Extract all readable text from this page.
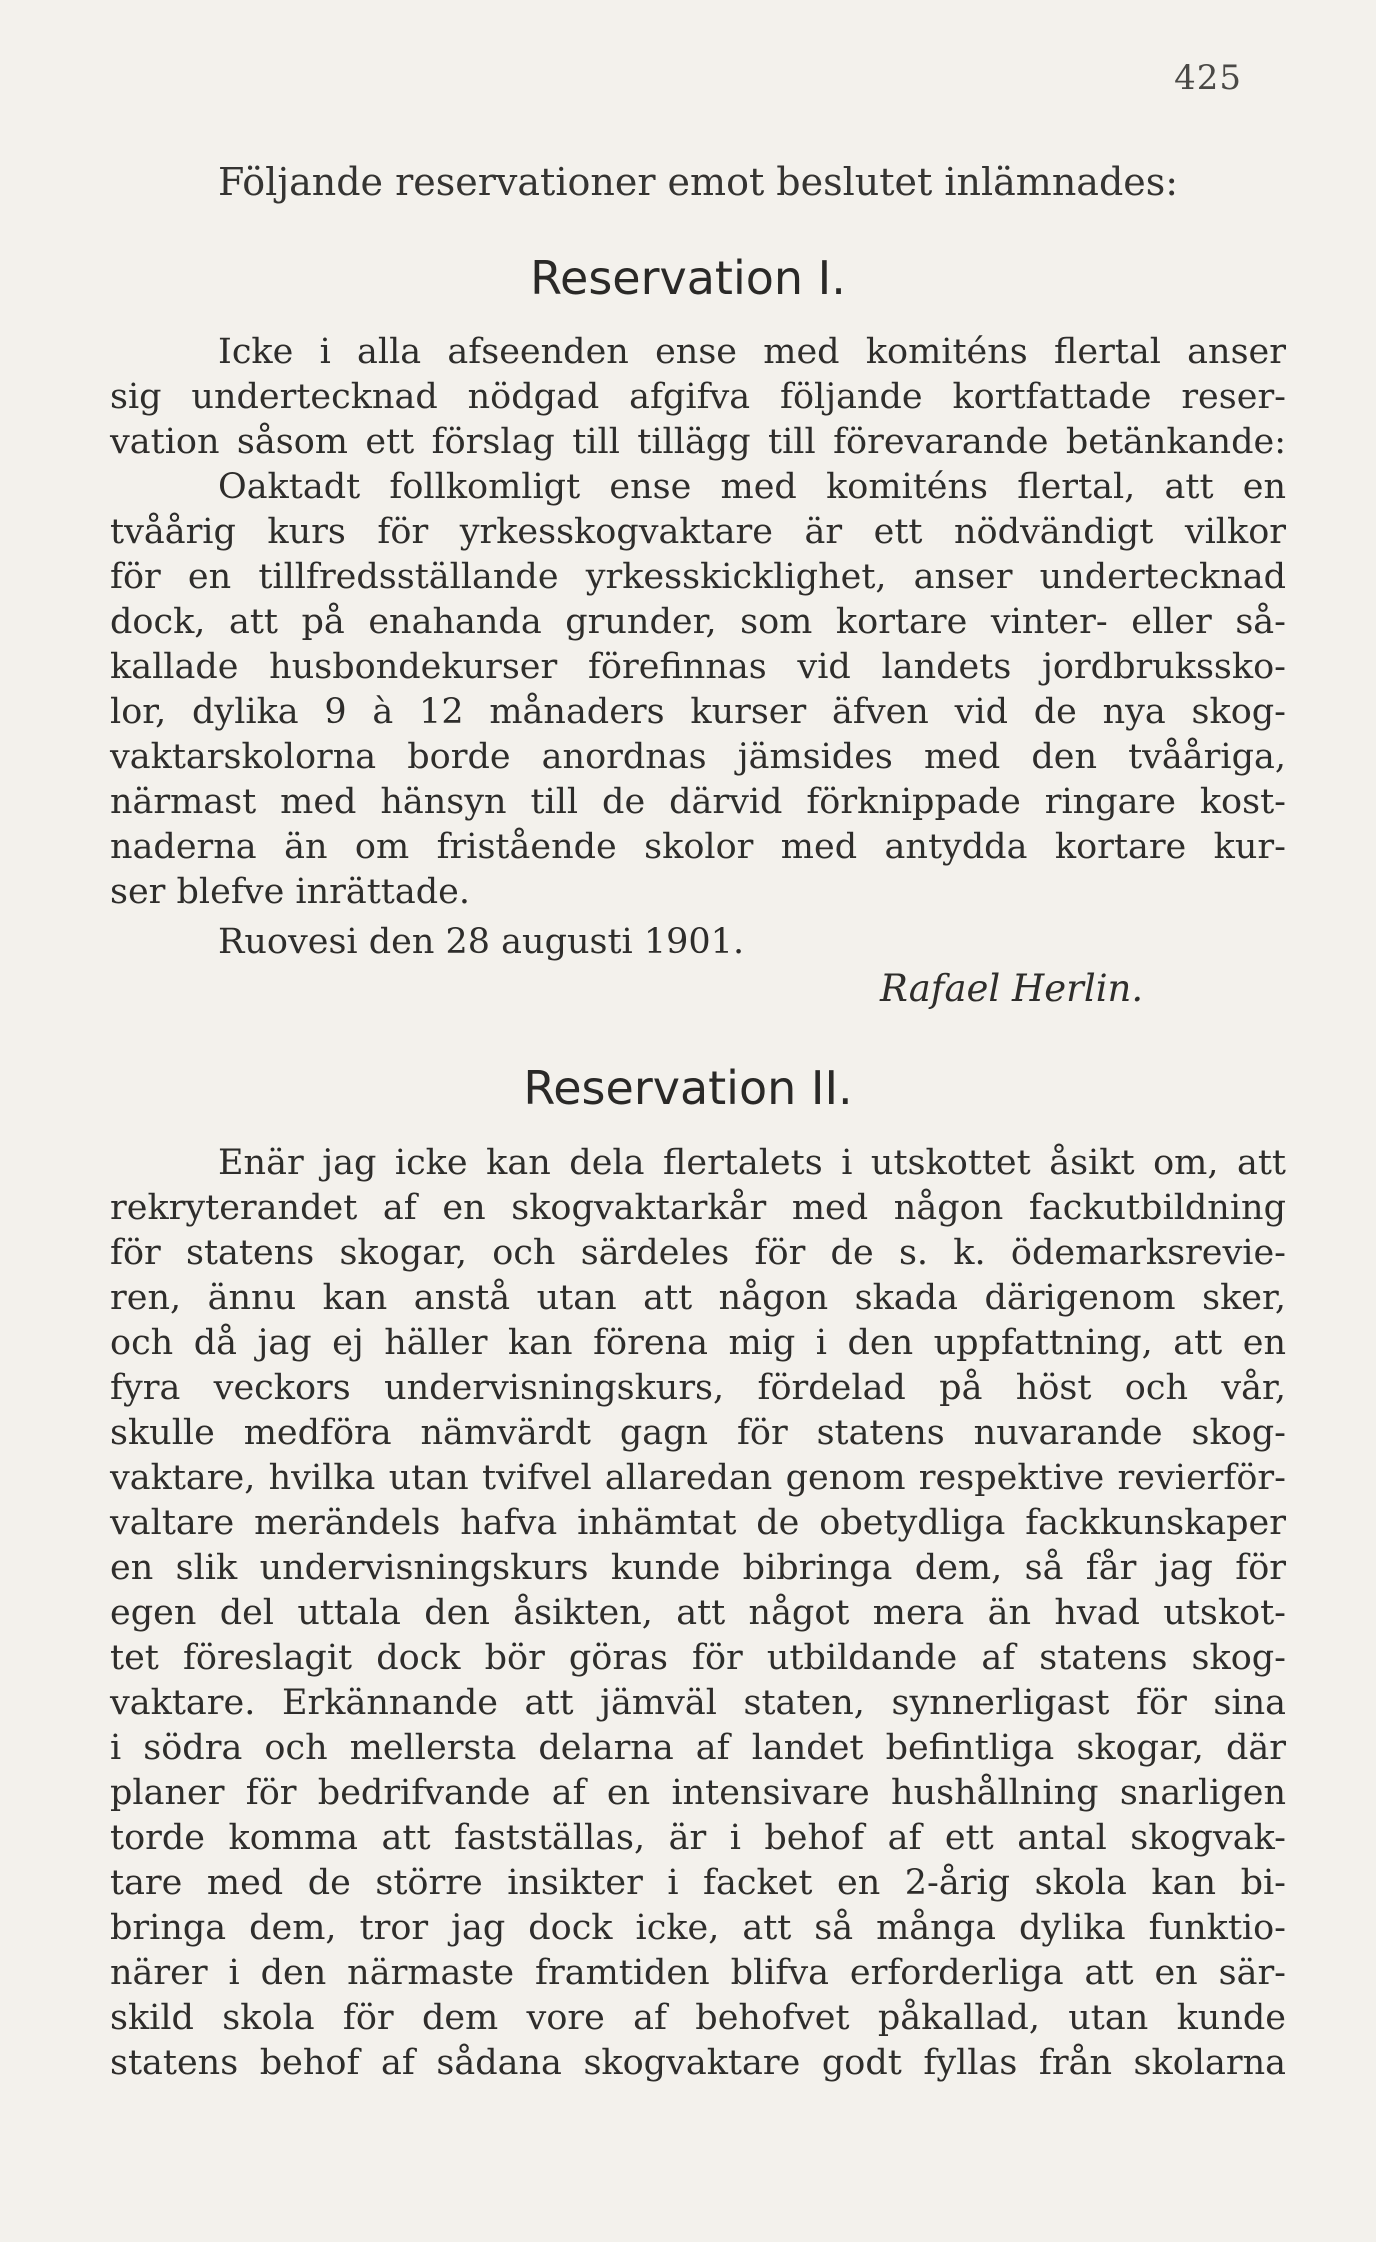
425
Följande reservationer emot beslutet inlämnades:
Reservation I.
Icke i alla afseenden ense med komiténs flertal anser
sig undertecknad nödgad afgifva följande kortfattade reser-
vation såsom ett förslag till tillägg till förevarande betänkande:
Oaktadt follkomligt ense med komiténs flertal, att en
tvåårig kurs för yrkesskogvaktare är ett nödvändigt vilkor
för en tillfredsställande yrkesskicklighet, anser undertecknad
dock, att på enahanda grunder, som kortare vinter- eller så-
kallade husbondekurser förefinnas vid landets jordbruksskо-
lor, dylika 9 à 12 månaders kurser äfven vid de nya skog-
vaktarskolorna borde anordnas jämsides med den tvååriga,
närmast med hänsyn till de därvid förknippade ringare kost-
naderna än om fristående skolor med antydda kortare kur-
ser blefve inrättade.
Ruovesi den 28 augusti 1901.
Rafael Herlin.
Reservation II.
Enär jag icke kan dela flertalets i utskottet åsikt om, att
rekryterandet af en skogvaktarkår med någon fackutbildning
för statens skogar, och särdeles för de s. k. ödemarksrevie-
ren, ännu kan anstå utan att någon skada därigenom sker,
och då jag ej häller kan förena mig i den uppfattning, att en
fyra veckors undervisningskurs, fördelad på höst och vår,
skulle medföra nämvärdt gagn för statens nuvarande skog-
vaktare, hvilka utan tvifvel allaredan genom respektive revierför-
valtare merändels hafva inhämtat de obetydliga fackkunskaper
en slik undervisningskurs kunde bibringa dem, så får jag för
egen del uttala den åsikten, att något mera än hvad utskot-
tet föreslagit dock bör göras för utbildande af statens skog-
vaktare. Erkännande att jämväl staten, synnerligast för sina
i södra och mellersta delarna af landet befintliga skogar, där
planer för bedrifvande af en intensivare hushållning snarligen
torde komma att fastställas, är i behof af ett antal skogvak-
tare med de större insikter i facket en 2-årig skola kan bi-
bringa dem, tror jag dock icke, att så många dylika funktio-
närer i den närmaste framtiden blifva erforderliga att en sär-
skild skola för dem vore af behofvet påkallad, utan kunde
statens behof af sådana skogvaktare godt fyllas från skolarna
